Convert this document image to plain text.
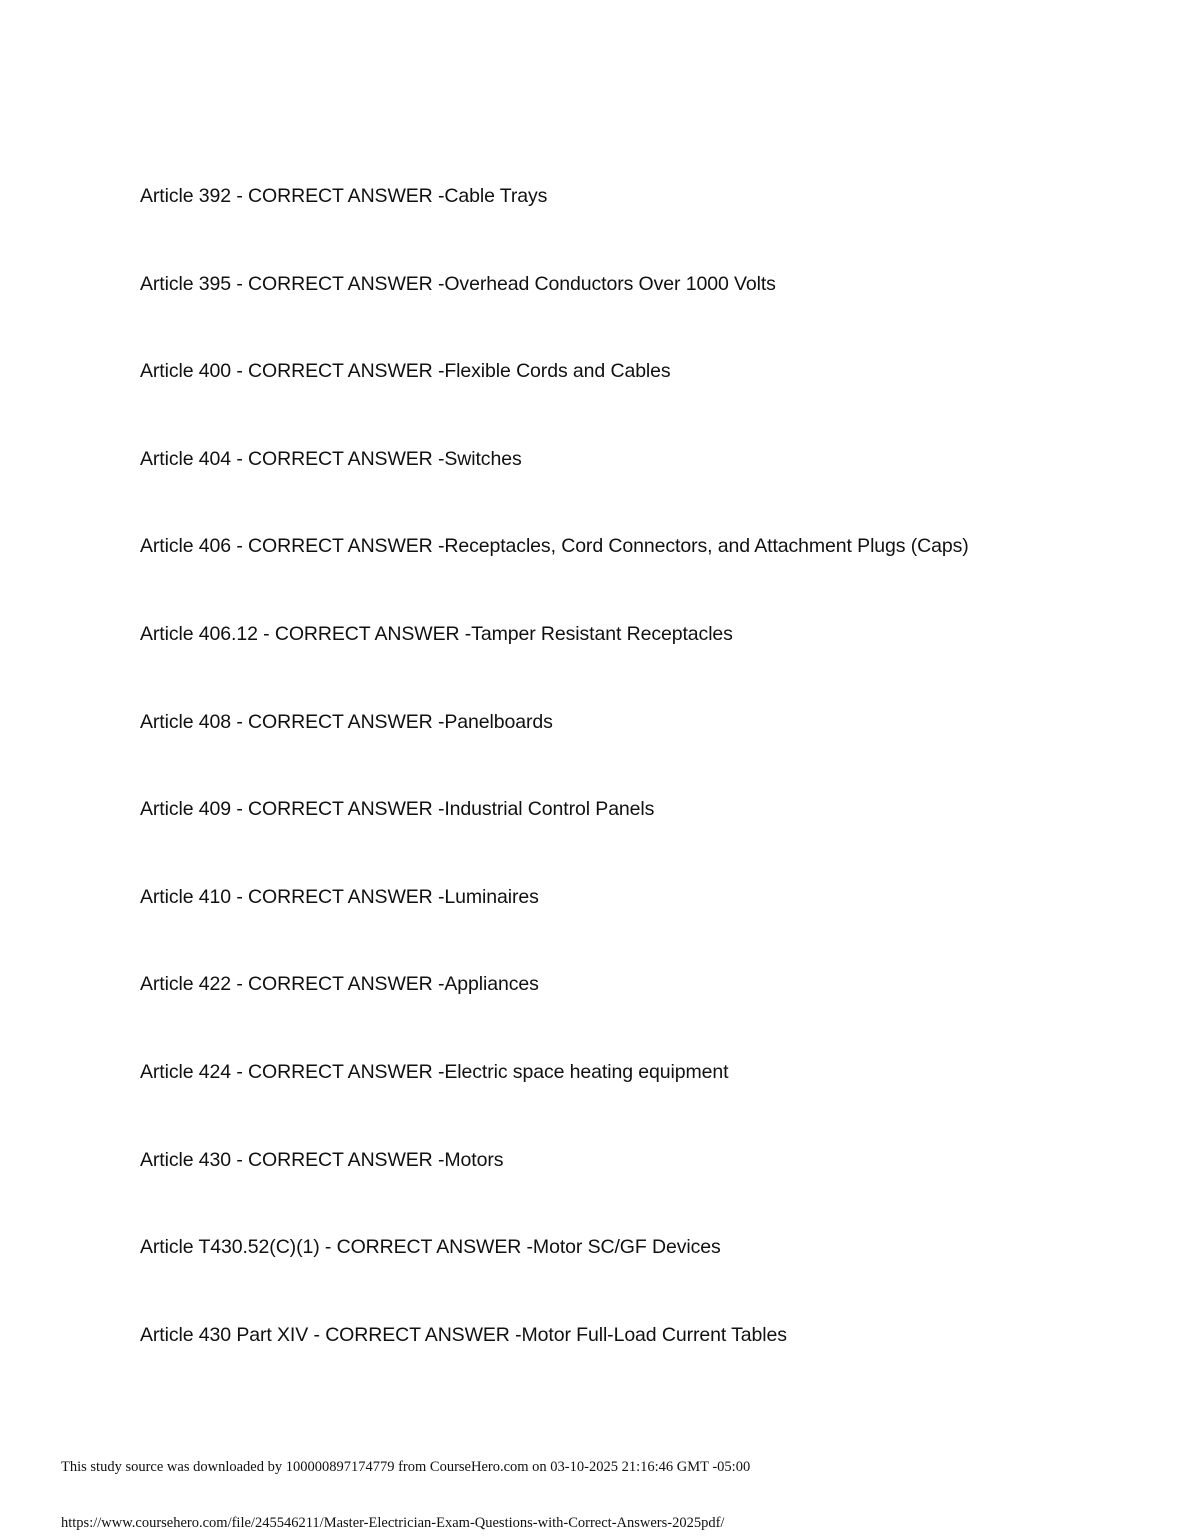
Article 392 - CORRECT ANSWER -Cable Trays
Article 395 - CORRECT ANSWER -Overhead Conductors Over 1000 Volts
Article 400 - CORRECT ANSWER -Flexible Cords and Cables
Article 404 - CORRECT ANSWER -Switches
Article 406 - CORRECT ANSWER -Receptacles, Cord Connectors, and Attachment Plugs (Caps)
Article 406.12 - CORRECT ANSWER -Tamper Resistant Receptacles
Article 408 - CORRECT ANSWER -Panelboards
Article 409 - CORRECT ANSWER -Industrial Control Panels
Article 410 - CORRECT ANSWER -Luminaires
Article 422 - CORRECT ANSWER -Appliances
Article 424 - CORRECT ANSWER -Electric space heating equipment
Article 430 - CORRECT ANSWER -Motors
Article T430.52(C)(1) - CORRECT ANSWER -Motor SC/GF Devices
Article 430 Part XIV - CORRECT ANSWER -Motor Full-Load Current Tables
This study source was downloaded by 100000897174779 from CourseHero.com on 03-10-2025 21:16:46 GMT -05:00
https://www.coursehero.com/file/245546211/Master-Electrician-Exam-Questions-with-Correct-Answers-2025pdf/
